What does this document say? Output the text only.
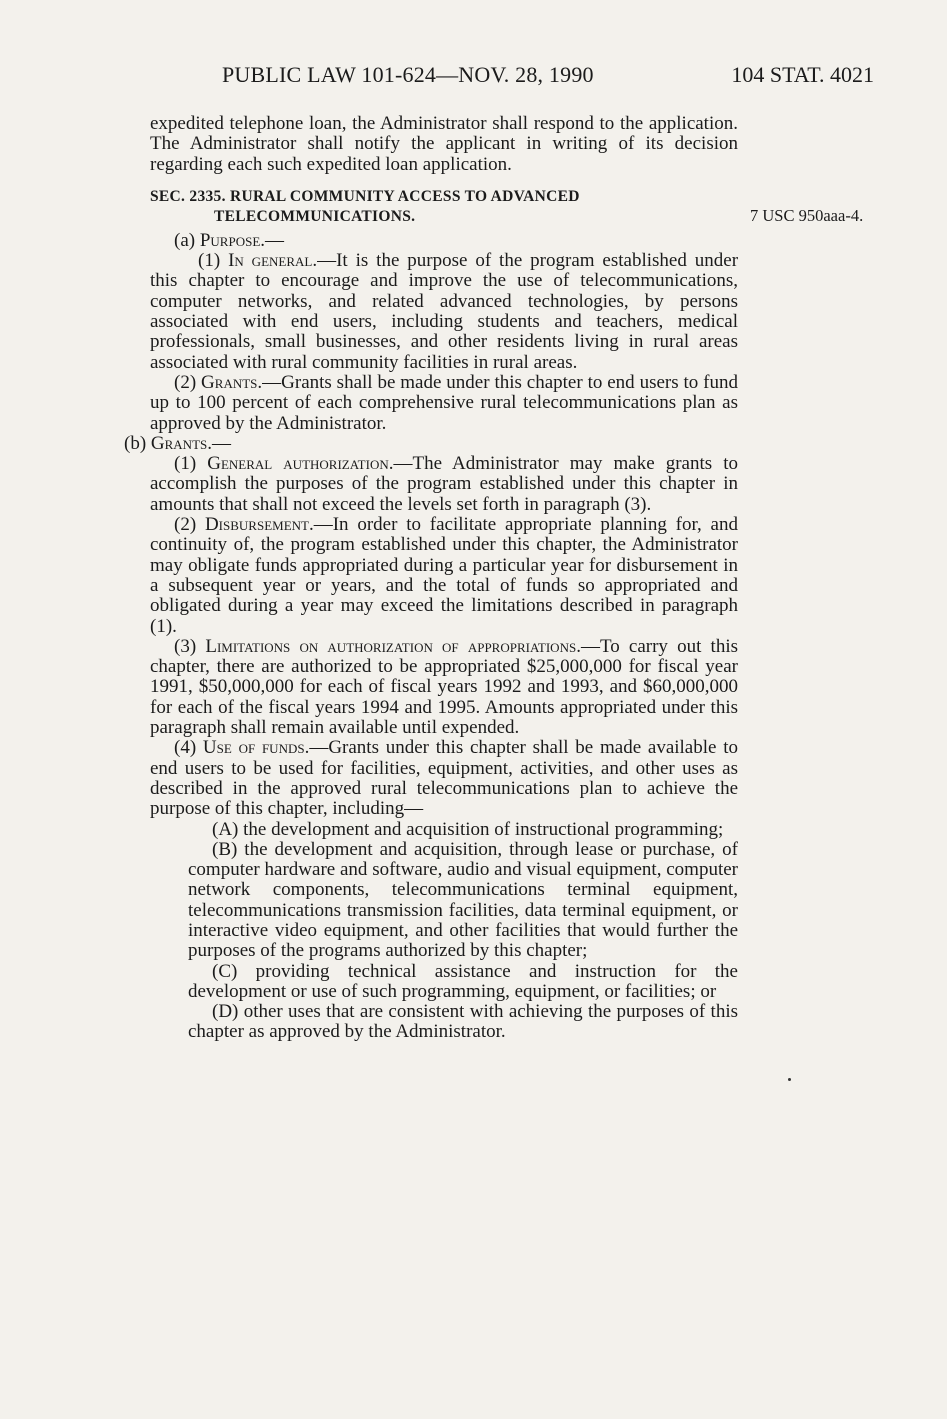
PUBLIC LAW 101-624—NOV. 28, 1990	104 STAT. 4021
7 USC 950aaa-4.

expedited telephone loan, the Administrator shall respond to the application. The Administrator shall notify the applicant in writing of its decision regarding each such expedited loan application.

SEC. 2335. RURAL COMMUNITY ACCESS TO ADVANCED TELECOMMUNICATIONS.

(a) Purpose.—

(1) In general.—It is the purpose of the program established under this chapter to encourage and improve the use of telecommunications, computer networks, and related advanced technologies, by persons associated with end users, including students and teachers, medical professionals, small businesses, and other residents living in rural areas associated with rural community facilities in rural areas.

(2) Grants.—Grants shall be made under this chapter to end users to fund up to 100 percent of each comprehensive rural telecommunications plan as approved by the Administrator.

(b) Grants.—

(1) General authorization.—The Administrator may make grants to accomplish the purposes of the program established under this chapter in amounts that shall not exceed the levels set forth in paragraph (3).

(2) Disbursement.—In order to facilitate appropriate planning for, and continuity of, the program established under this chapter, the Administrator may obligate funds appropriated during a particular year for disbursement in a subsequent year or years, and the total of funds so appropriated and obligated during a year may exceed the limitations described in paragraph (1).

(3) Limitations on authorization of appropriations.—To carry out this chapter, there are authorized to be appropriated $25,000,000 for fiscal year 1991, $50,000,000 for each of fiscal years 1992 and 1993, and $60,000,000 for each of the fiscal years 1994 and 1995. Amounts appropriated under this paragraph shall remain available until expended.

(4) Use of funds.—Grants under this chapter shall be made available to end users to be used for facilities, equipment, activities, and other uses as described in the approved rural telecommunications plan to achieve the purpose of this chapter, including—

(A) the development and acquisition of instructional programming;

(B) the development and acquisition, through lease or purchase, of computer hardware and software, audio and visual equipment, computer network components, telecommunications terminal equipment, telecommunications transmission facilities, data terminal equipment, or interactive video equipment, and other facilities that would further the purposes of the programs authorized by this chapter;

(C) providing technical assistance and instruction for the development or use of such programming, equipment, or facilities; or

(D) other uses that are consistent with achieving the purposes of this chapter as approved by the Administrator.
